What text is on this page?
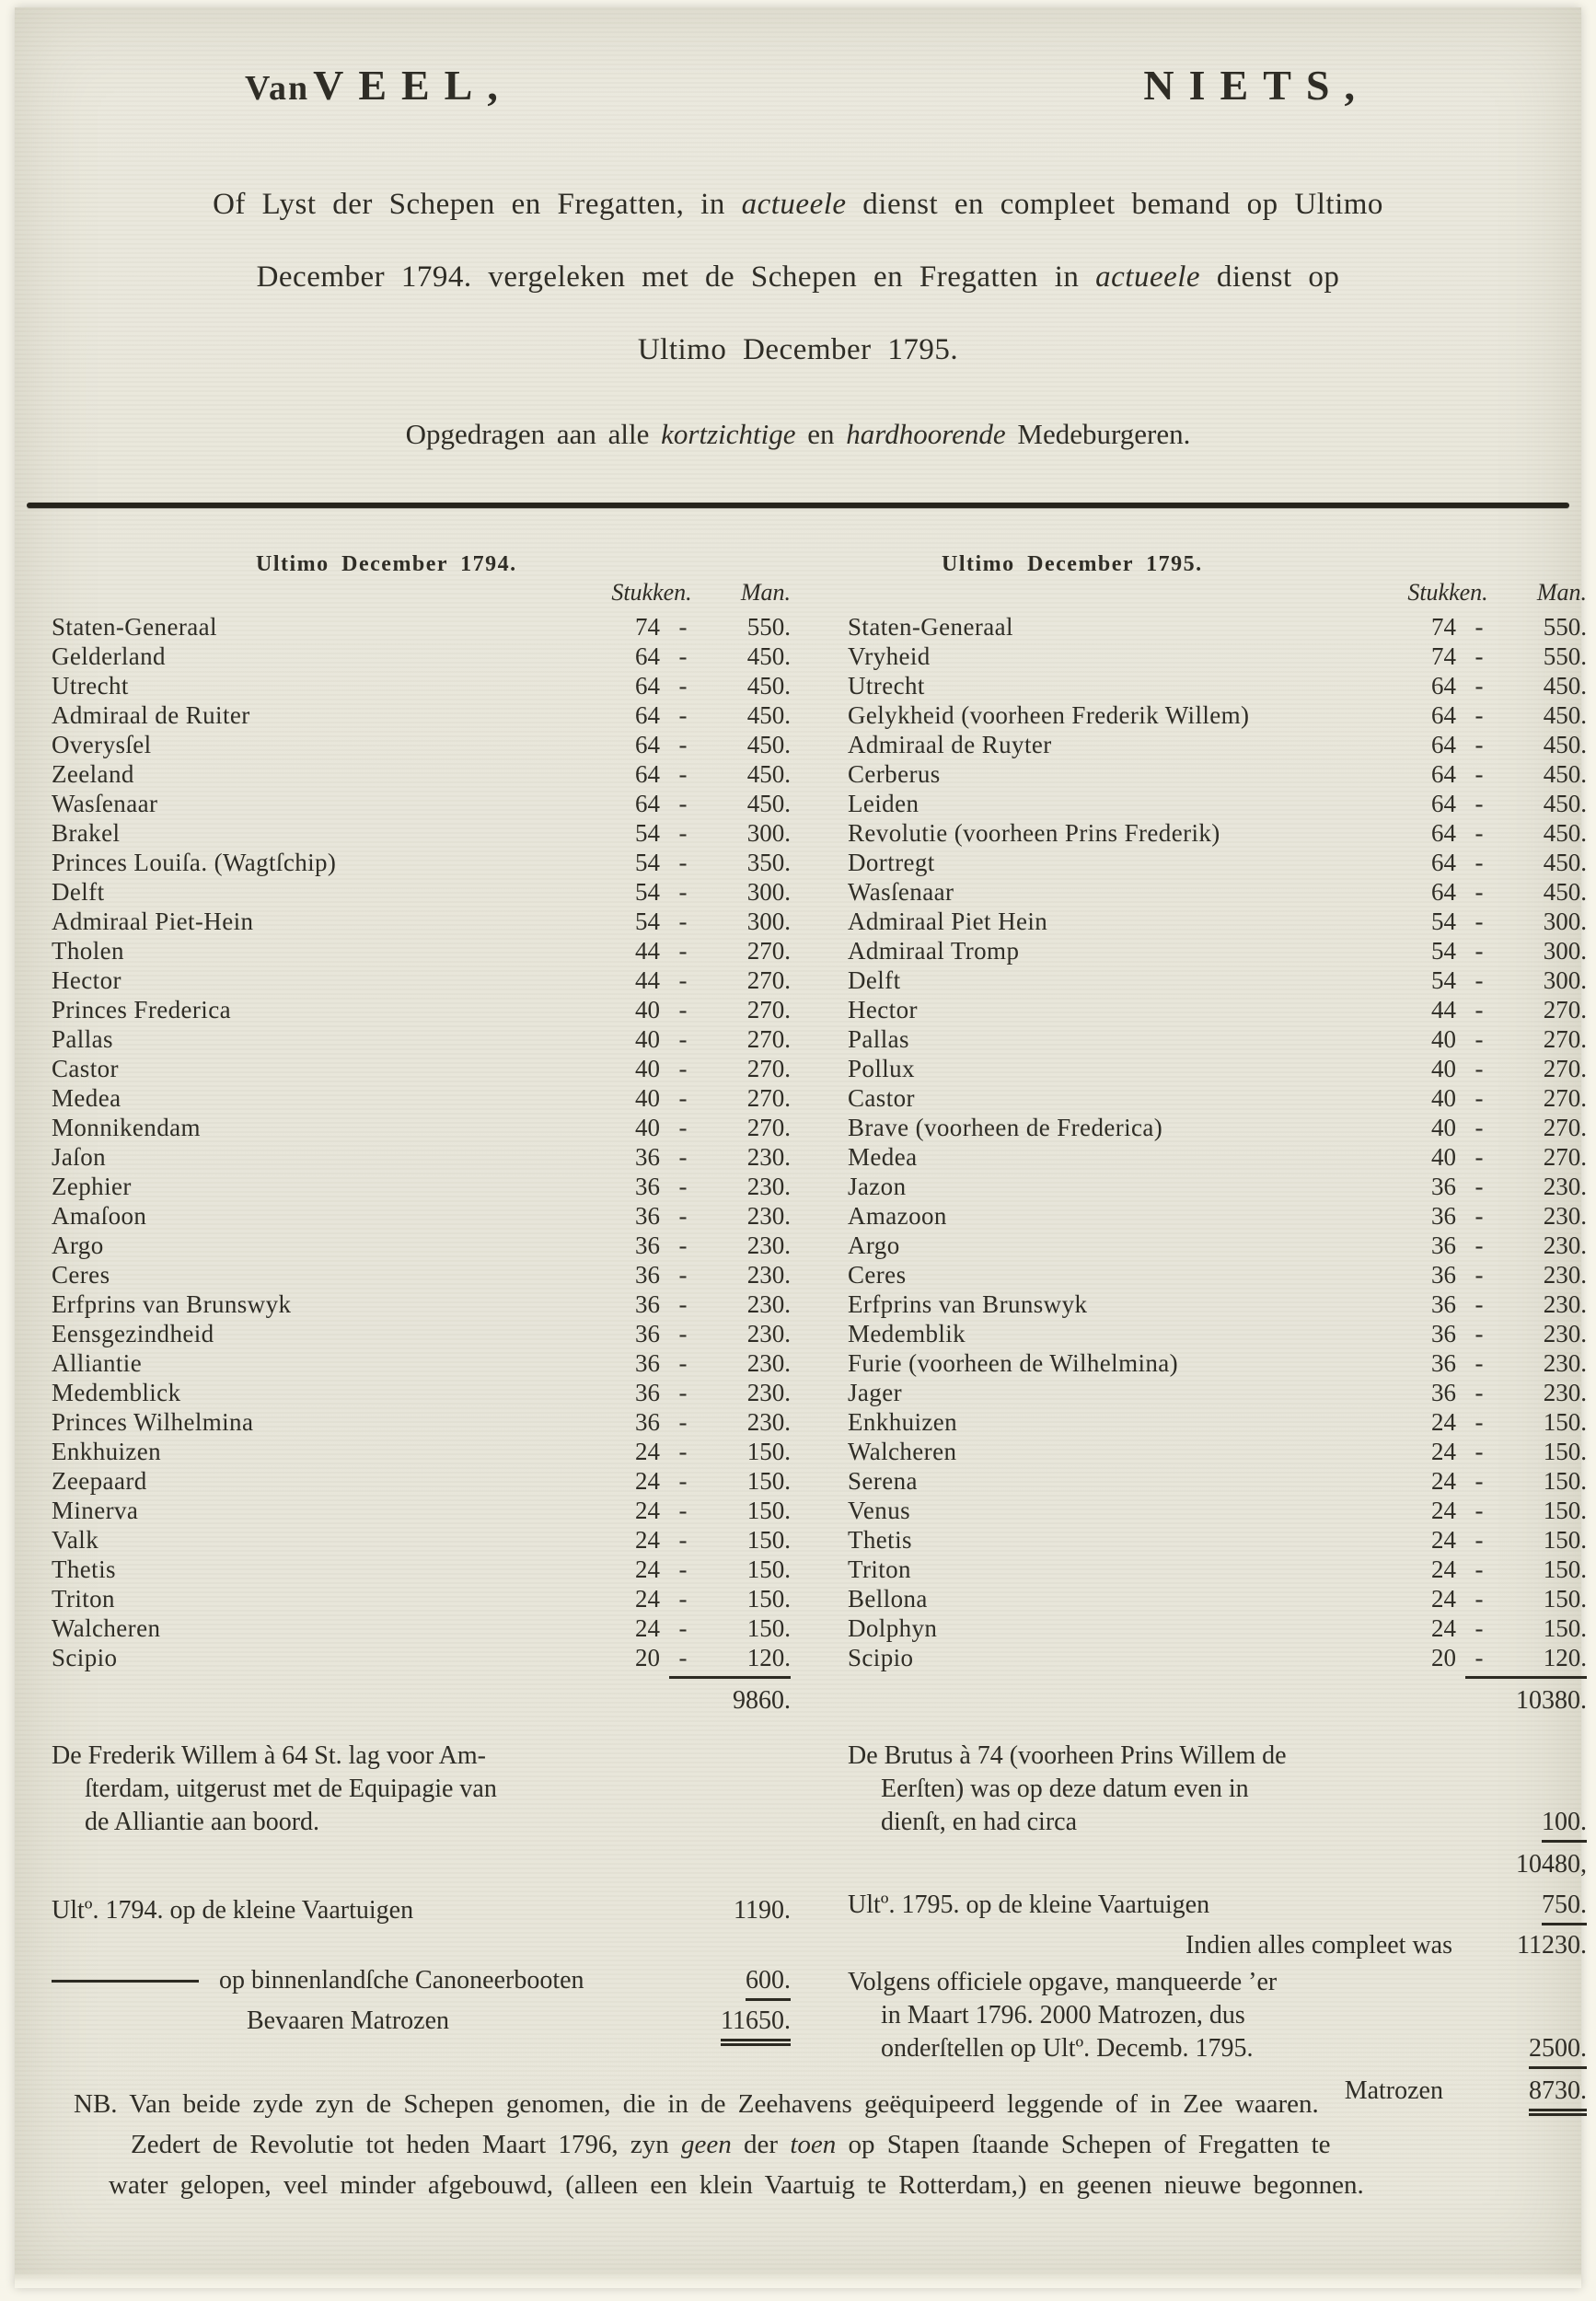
Van VEEL,	NIETS,
Of Lyst der Schepen en Fregatten, in actueele dienst en compleet bemand op Ultimo
December 1794. vergeleken met de Schepen en Fregatten in actueele dienst op
Ultimo December 1795.
Opgedragen aan alle kortzichtige en hardhoorende Medeburgeren.
Ultimo December 1794.
Stukken.	Man.
Staten-Generaal	74 -	550.
Gelderland	64 -	450.
Utrecht	64 -	450.
Admiraal de Ruiter	64 -	450.
Overysſel	64 -	450.
Zeeland	64 -	450.
Wasſenaar	64 -	450.
Brakel	54 -	300.
Princes Louiſa. (Wagtſchip)	54 -	350.
Delft	54 -	300.
Admiraal Piet-Hein	54 -	300.
Tholen	44 -	270.
Hector	44 -	270.
Princes Frederica	40 -	270.
Pallas	40 -	270.
Castor	40 -	270.
Medea	40 -	270.
Monnikendam	40 -	270.
Jaſon	36 -	230.
Zephier	36 -	230.
Amaſoon	36 -	230.
Argo	36 -	230.
Ceres	36 -	230.
Erfprins van Brunswyk	36 -	230.
Eensgezindheid	36 -	230.
Alliantie	36 -	230.
Medemblick	36 -	230.
Princes Wilhelmina	36 -	230.
Enkhuizen	24 -	150.
Zeepaard	24 -	150.
Minerva	24 -	150.
Valk	24 -	150.
Thetis	24 -	150.
Triton	24 -	150.
Walcheren	24 -	150.
Scipio	20 -	120.
9860.
De Frederik Willem à 64 St. lag voor Am-
ſterdam, uitgerust met de Equipagie van
de Alliantie aan boord.
Ultº. 1794. op de kleine Vaartuigen	1190.
op binnenlandſche Canoneerbooten	600.
Bevaaren Matrozen	11650.
Ultimo December 1795.
Stukken.	Man.
Staten-Generaal	74 -	550.
Vryheid	74 -	550.
Utrecht	64 -	450.
Gelykheid (voorheen Frederik Willem)	64 -	450.
Admiraal de Ruyter	64 -	450.
Cerberus	64 -	450.
Leiden	64 -	450.
Revolutie (voorheen Prins Frederik)	64 -	450.
Dortregt	64 -	450.
Wasſenaar	64 -	450.
Admiraal Piet Hein	54 -	300.
Admiraal Tromp	54 -	300.
Delft	54 -	300.
Hector	44 -	270.
Pallas	40 -	270.
Pollux	40 -	270.
Castor	40 -	270.
Brave (voorheen de Frederica)	40 -	270.
Medea	40 -	270.
Jazon	36 -	230.
Amazoon	36 -	230.
Argo	36 -	230.
Ceres	36 -	230.
Erfprins van Brunswyk	36 -	230.
Medemblik	36 -	230.
Furie (voorheen de Wilhelmina)	36 -	230.
Jager	36 -	230.
Enkhuizen	24 -	150.
Walcheren	24 -	150.
Serena	24 -	150.
Venus	24 -	150.
Thetis	24 -	150.
Triton	24 -	150.
Bellona	24 -	150.
Dolphyn	24 -	150.
Scipio	20 -	120.
10380.
De Brutus à 74 (voorheen Prins Willem de
Eerſten) was op deze datum even in
dienſt, en had circa	100.
10480,
Ultº. 1795. op de kleine Vaartuigen	750.
Indien alles compleet was	11230.
Volgens officiele opgave, manqueerde ’er
in Maart 1796. 2000 Matrozen, dus
onderſtellen op Ultº. Decemb. 1795.	2500.
Matrozen	8730.
NB. Van beide zyde zyn de Schepen genomen, die in de Zeehavens geëquipeerd leggende of in Zee waaren.
Zedert de Revolutie tot heden Maart 1796, zyn geen der toen op Stapen ſtaande Schepen of Fregatten te
water gelopen, veel minder afgebouwd, (alleen een klein Vaartuig te Rotterdam,) en geenen nieuwe begonnen.
